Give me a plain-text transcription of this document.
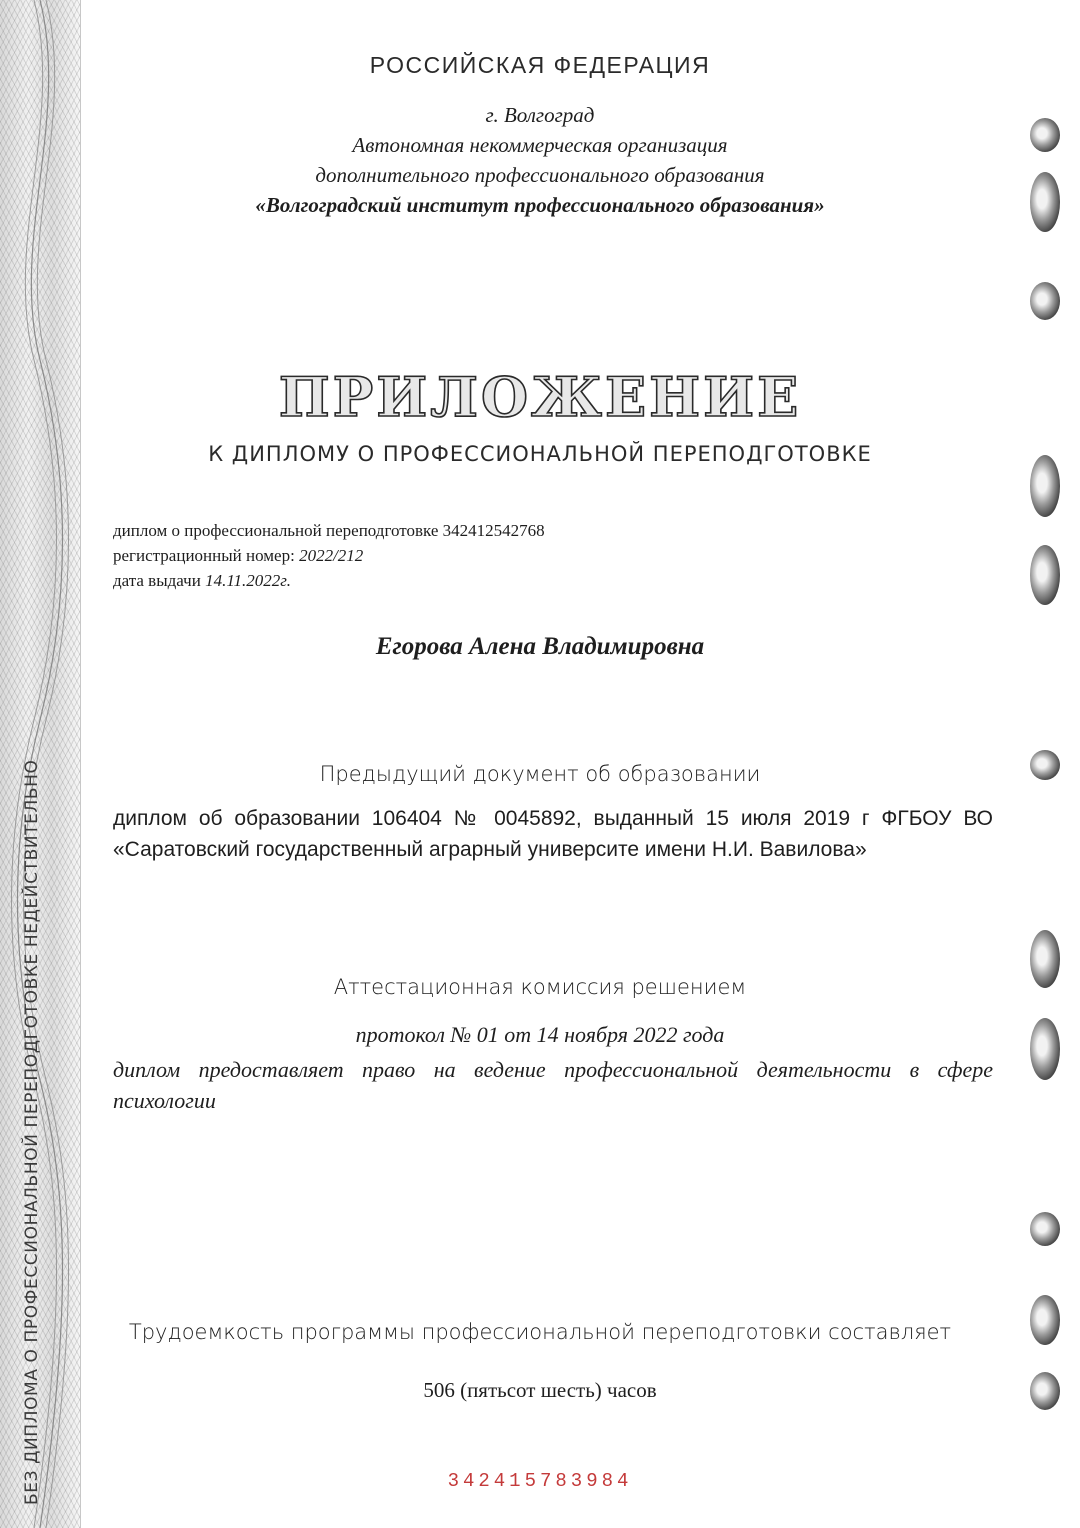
БЕЗ ДИПЛОМА О ПРОФЕССИОНАЛЬНОЙ ПЕРЕПОДГОТОВКЕ НЕДЕЙСТВИТЕЛЬНО
РОССИЙСКАЯ ФЕДЕРАЦИЯ
г. Волгоград
Автономная некоммерческая организация
дополнительного профессионального образования
«Волгоградский институт профессионального образования»
ПРИЛОЖЕНИЕ
К ДИПЛОМУ О ПРОФЕССИОНАЛЬНОЙ ПЕРЕПОДГОТОВКЕ
диплом о профессиональной переподготовке 342412542768
регистрационный номер: 2022/212
дата выдачи 14.11.2022г.
Егорова Алена Владимировна
Предыдущий документ об образовании
диплом об образовании 106404 № 0045892, выданный 15 июля 2019 г ФГБОУ ВО «Саратовский государственный аграрный университе имени Н.И. Вавилова»
Аттестационная комиссия решением
протокол № 01 от 14 ноября 2022 года
диплом предоставляет право на ведение профессиональной деятельности в сфере психологии
Трудоемкость программы профессиональной переподготовки составляет
506 (пятьсот шесть) часов
342415783984
